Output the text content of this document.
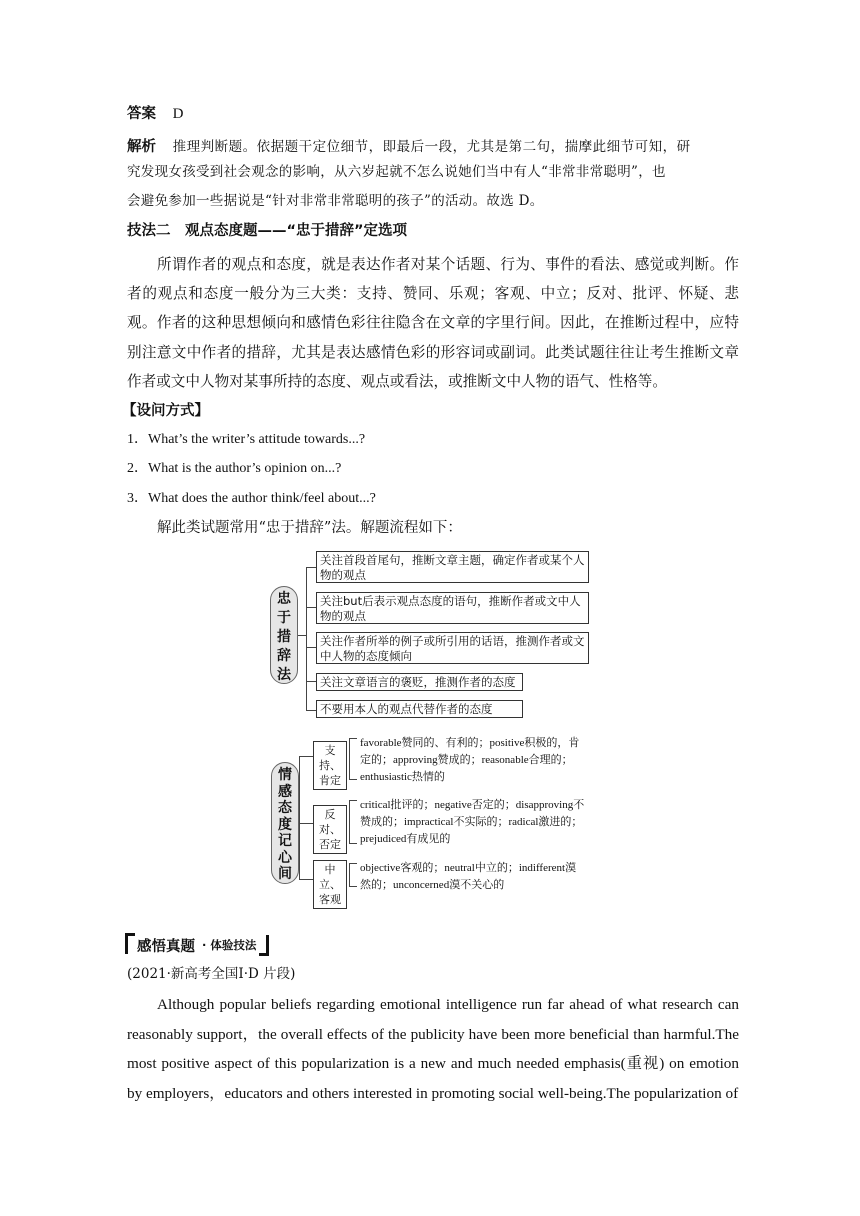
答案 D
解析 推理判断题。依据题干定位细节，即最后一段，尤其是第二句，揣摩此细节可知，研
究发现女孩受到社会观念的影响，从六岁起就不怎么说她们当中有人“非常非常聪明”，也
会避免参加一些据说是“针对非常非常聪明的孩子”的活动。故选 D。
技法二　观点态度题——“忠于措辞”定选项
所谓作者的观点和态度，就是表达作者对某个话题、行为、事件的看法、感觉或判断。作者的观点和态度一般分为三大类：支持、赞同、乐观；客观、中立；反对、批评、怀疑、悲观。作者的这种思想倾向和感情色彩往往隐含在文章的字里行间。因此，在推断过程中，应特别注意文中作者的措辞，尤其是表达感情色彩的形容词或副词。此类试题往往让考生推断文章作者或文中人物对某事所持的态度、观点或看法，或推断文中人物的语气、性格等。
【设问方式】
1．What’s the writer’s attitude towards...?
2．What is the author’s opinion on...?
3．What does the author think/feel about...?
解此类试题常用“忠于措辞”法。解题流程如下：
忠
于
措
辞
法
关注首段首尾句，推断文章主题，确定作者或某个人物的观点
关注but后表示观点态度的语句，推断作者或文中人物的观点
关注作者所举的例子或所引用的话语，推测作者或文中人物的态度倾向
关注文章语言的褒贬，推测作者的态度
不要用本人的观点代替作者的态度
情
感
态
度
记
心
间
支持、
肯定
favorable赞同的、有利的；positive积极的，肯
定的；approving赞成的；reasonable合理的；
enthusiastic热情的
反对、
否定
critical批评的；negative否定的；disapproving不
赞成的；impractical不实际的；radical激进的；
prejudiced有成见的
中立、
客观
objective客观的；neutral中立的；indifferent漠
然的；unconcerned漠不关心的
感悟真题 · 体验技法
(2021·新高考全国Ⅰ·D 片段)
Although popular beliefs regarding emotional intelligence run far ahead of what research can reasonably support，the overall effects of the publicity have been more beneficial than harmful.The most positive aspect of this popularization is a new and much needed emphasis(重视) on emotion by employers，educators and others interested in promoting social well-being.The popularization of
